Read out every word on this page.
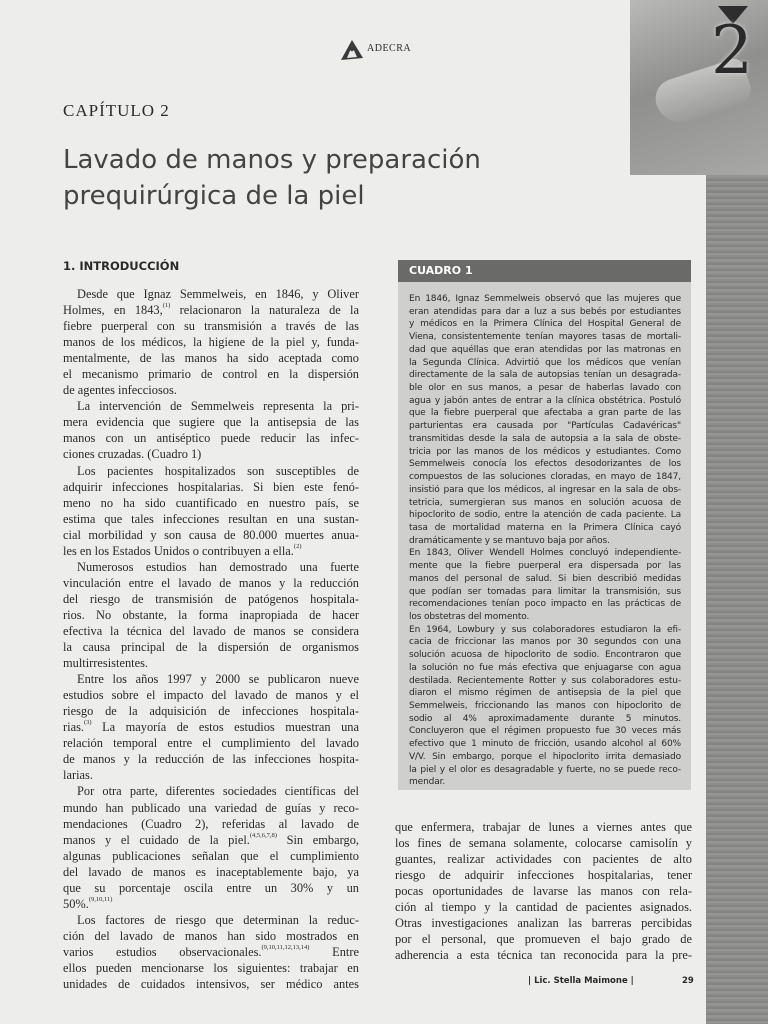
2
ADECRA
CAPÍTULO 2
Lavado de manos y preparación
prequirúrgica de la piel
1. INTRODUCCIÓN
Desde que Ignaz Semmelweis, en 1846, y Oliver
Holmes, en 1843,$^{(1)}$ relacionaron la naturaleza de la
fiebre puerperal con su transmisión a través de las
manos de los médicos, la higiene de la piel y, funda-
mentalmente, de las manos ha sido aceptada como
el mecanismo primario de control en la dispersión
de agentes infecciosos.
La intervención de Semmelweis representa la pri-
mera evidencia que sugiere que la antisepsia de las
manos con un antiséptico puede reducir las infec-
ciones cruzadas. (Cuadro 1)
Los pacientes hospitalizados son susceptibles de
adquirir infecciones hospitalarias. Si bien este fenó-
meno no ha sido cuantificado en nuestro país, se
estima que tales infecciones resultan en una sustan-
cial morbilidad y son causa de 80.000 muertes anua-
les en los Estados Unidos o contribuyen a ella.$^{(2)}$
Numerosos estudios han demostrado una fuerte
vinculación entre el lavado de manos y la reducción
del riesgo de transmisión de patógenos hospitala-
rios. No obstante, la forma inapropiada de hacer
efectiva la técnica del lavado de manos se considera
la causa principal de la dispersión de organismos
multirresistentes.
Entre los años 1997 y 2000 se publicaron nueve
estudios sobre el impacto del lavado de manos y el
riesgo de la adquisición de infecciones hospitala-
rias.$^{(3)}$ La mayoría de estos estudios muestran una
relación temporal entre el cumplimiento del lavado
de manos y la reducción de las infecciones hospita-
larias.
Por otra parte, diferentes sociedades científicas del
mundo han publicado una variedad de guías y reco-
mendaciones (Cuadro 2), referidas al lavado de
manos y el cuidado de la piel.$^{(4,5,6,7,8)}$ Sin embargo,
algunas publicaciones señalan que el cumplimiento
del lavado de manos es inaceptablemente bajo, ya
que su porcentaje oscila entre un 30% y un
50%.$^{(9,10,11)}$
Los factores de riesgo que determinan la reduc-
ción del lavado de manos han sido mostrados en
varios estudios observacionales.$^{(9,10,11,12,13,14)}$ Entre
ellos pueden mencionarse los siguientes: trabajar en
unidades de cuidados intensivos, ser médico antes
CUADRO 1
En 1846, Ignaz Semmelweis observó que las mujeres que
eran atendidas para dar a luz a sus bebés por estudiantes
y médicos en la Primera Clínica del Hospital General de
Viena, consistentemente tenían mayores tasas de mortali-
dad que aquéllas que eran atendidas por las matronas en
la Segunda Clínica. Advirtió que los médicos que venían
directamente de la sala de autopsias tenían un desagrada-
ble olor en sus manos, a pesar de haberlas lavado con
agua y jabón antes de entrar a la clínica obstétrica. Postuló
que la fiebre puerperal que afectaba a gran parte de las
parturientas era causada por "Partículas Cadavéricas"
transmitidas desde la sala de autopsia a la sala de obste-
tricia por las manos de los médicos y estudiantes. Como
Semmelweis conocía los efectos desodorizantes de los
compuestos de las soluciones cloradas, en mayo de 1847,
insistió para que los médicos, al ingresar en la sala de obs-
tetricia, sumergieran sus manos en solución acuosa de
hipoclorito de sodio, entre la atención de cada paciente. La
tasa de mortalidad materna en la Primera Clínica cayó
dramáticamente y se mantuvo baja por años.
En 1843, Oliver Wendell Holmes concluyó independiente-
mente que la fiebre puerperal era dispersada por las
manos del personal de salud. Si bien describió medidas
que podían ser tomadas para limitar la transmisión, sus
recomendaciones tenían poco impacto en las prácticas de
los obstetras del momento.
En 1964, Lowbury y sus colaboradores estudiaron la efi-
cacia de friccionar las manos por 30 segundos con una
solución acuosa de hipoclorito de sodio. Encontraron que
la solución no fue más efectiva que enjuagarse con agua
destilada. Recientemente Rotter y sus colaboradores estu-
diaron el mismo régimen de antisepsia de la piel que
Semmelweis, friccionando las manos con hipoclorito de
sodio al 4% aproximadamente durante 5 minutos.
Concluyeron que el régimen propuesto fue 30 veces más
efectivo que 1 minuto de fricción, usando alcohol al 60%
V/V. Sin embargo, porque el hipoclorito irrita demasiado
la piel y el olor es desagradable y fuerte, no se puede reco-
mendar.
que enfermera, trabajar de lunes a viernes antes que
los fines de semana solamente, colocarse camisolín y
guantes, realizar actividades con pacientes de alto
riesgo de adquirir infecciones hospitalarias, tener
pocas oportunidades de lavarse las manos con rela-
ción al tiempo y la cantidad de pacientes asignados.
Otras investigaciones analizan las barreras percibidas
por el personal, que promueven el bajo grado de
adherencia a esta técnica tan reconocida para la pre-
| Lic. Stella Maimone |	29
